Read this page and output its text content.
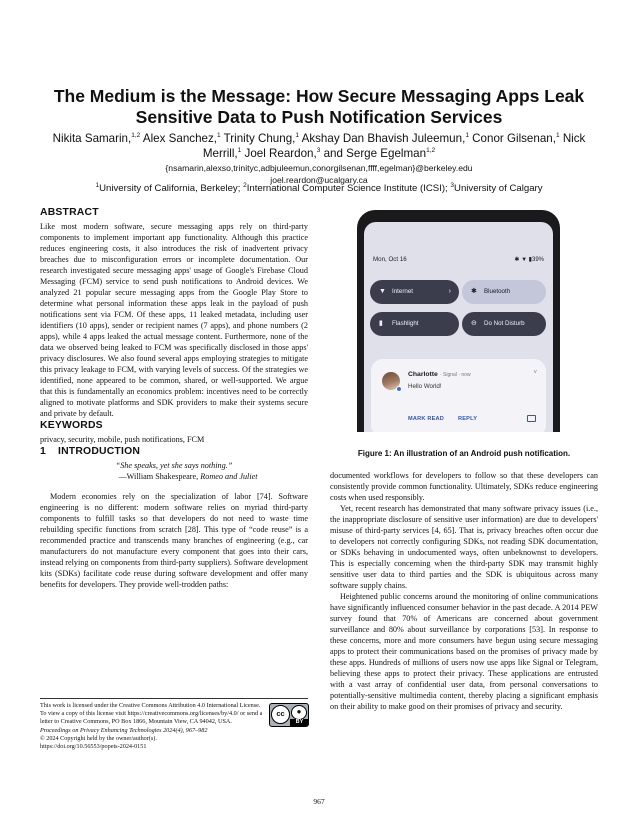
The Medium is the Message: How Secure Messaging Apps Leak Sensitive Data to Push Notification Services
Nikita Samarin,$^{1,2}$ Alex Sanchez,$^1$ Trinity Chung,$^1$ Akshay Dan Bhavish Juleemun,$^1$ Conor Gilsenan,$^1$ Nick Merrill,$^1$ Joel Reardon,$^3$ and Serge Egelman$^{1,2}$
{nsamarin,alexso,trinityc,adbjuleemun,conorgilsenan,ffff,egelman}@berkeley.edu
joel.reardon@ucalgary.ca
$^1$University of California, Berkeley; $^2$International Computer Science Institute (ICSI); $^3$University of Calgary
ABSTRACT

Like most modern software, secure messaging apps rely on third-party components to implement important app functionality. Although this practice reduces engineering costs, it also introduces the risk of inadvertent privacy breaches due to misconfiguration errors or incomplete documentation. Our research investigated secure messaging apps' usage of Google's Firebase Cloud Messaging (FCM) service to send push notifications to Android devices. We analyzed 21 popular secure messaging apps from the Google Play Store to determine what personal information these apps leak in the payload of push notifications sent via FCM. Of these apps, 11 leaked metadata, including user identifiers (10 apps), sender or recipient names (7 apps), and phone numbers (2 apps), while 4 apps leaked the actual message content. Furthermore, none of the data we observed being leaked to FCM was specifically disclosed in those apps' privacy disclosures. We also found several apps employing strategies to mitigate this privacy leakage to FCM, with varying levels of success. Of the strategies we identified, none appeared to be common, shared, or well-supported. We argue that this is fundamentally an economics problem: incentives need to be correctly aligned to motivate platforms and SDK providers to make their systems secure and private by default.

KEYWORDS

privacy, security, mobile, push notifications, FCM

1 INTRODUCTION
“She speaks, yet she says nothing.”
—William Shakespeare, Romeo and Juliet

Modern economies rely on the specialization of labor [74]. Software engineering is no different: modern software relies on myriad third-party components to fulfill tasks so that developers do not need to waste time rebuilding specific functions from scratch [28]. This type of “code reuse” is a recommended practice and transcends many branches of engineering (e.g., car manufacturers do not manufacture every component that goes into their cars, instead relying on components from third-party suppliers). Software development kits (SDKs) facilitate code reuse during software development and offer many benefits for developers. They provide well-trodden paths:

This work is licensed under the Creative Commons Attribution 4.0 International License. To view a copy of this license visit https://creativecommons.org/licenses/by/4.0/ or send a letter to Creative Commons, PO Box 1866, Mountain View, CA 94042, USA.
Proceedings on Privacy Enhancing Technologies 2024(4), 967–982
© 2024 Copyright held by the owner/author(s).
https://doi.org/10.56553/popets-2024-0151
cc	●
BY
Mon, Oct 16	✱ ▼ ▮39%
▼ Internet	›	✱ Bluetooth
▮ Flashlight	⊖ Do Not Disturb
Charlotte · Signal · now	˅
Hello World!
MARK READ	REPLY
Figure 1: An illustration of an Android push notification.

documented workflows for developers to follow so that these developers can consistently provide common functionality. Ultimately, SDKs reduce engineering costs when used responsibly.

Yet, recent research has demonstrated that many software privacy issues (i.e., the inappropriate disclosure of sensitive user information) are due to developers' misuse of third-party services [4, 65]. That is, privacy breaches often occur due to developers not correctly configuring SDKs, not reading SDK documentation, or SDKs behaving in undocumented ways, often unbeknownst to developers. This is especially concerning when the third-party SDK may transmit highly sensitive user data to third parties and the SDK is ubiquitous across many software supply chains.

Heightened public concerns around the monitoring of online communications have significantly influenced consumer behavior in the past decade. A 2014 PEW survey found that 70% of Americans are concerned about government surveillance and 80% about surveillance by corporations [53]. In response to these concerns, more and more consumers have begun using secure messaging apps to protect their communications based on the promises of privacy made by these apps. Hundreds of millions of users now use apps like Signal or Telegram, believing these apps to protect their privacy. These applications are entrusted with a vast array of confidential user data, from personal conversations to potentially-sensitive multimedia content, thereby placing a significant emphasis on their ability to make good on their promises of privacy and security.

967
